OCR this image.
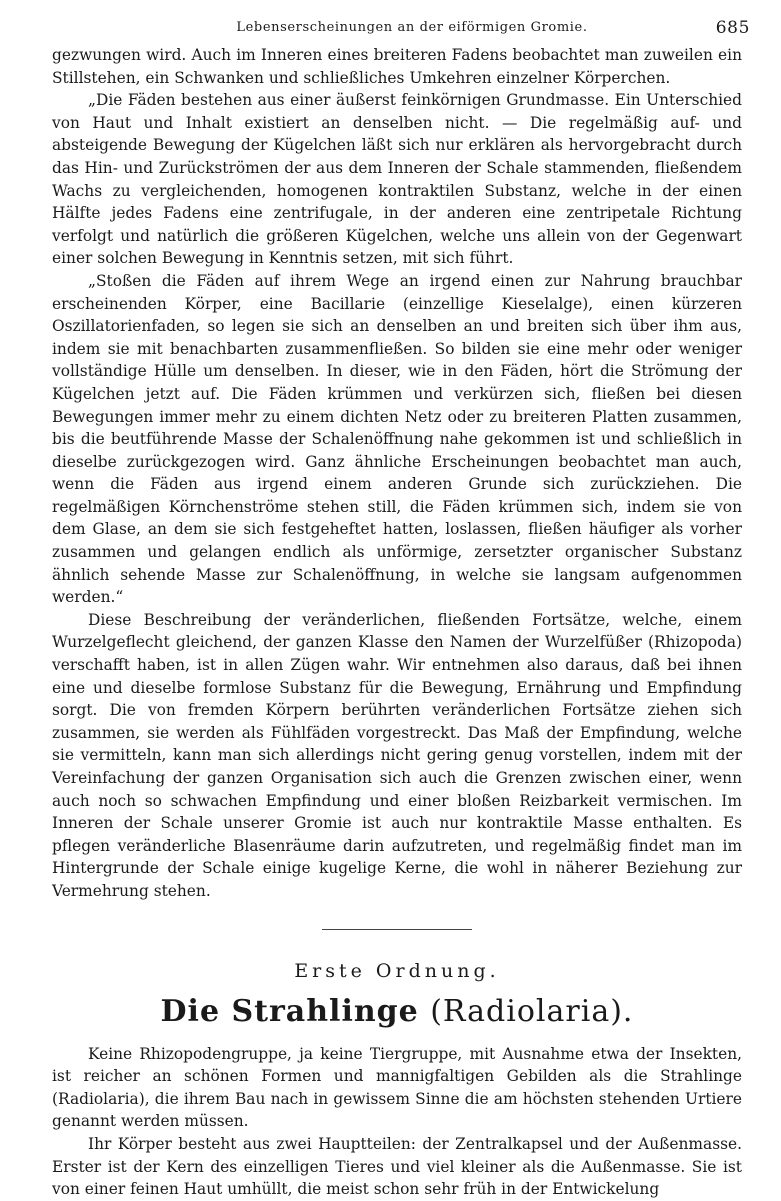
Lebenserscheinungen an der eiförmigen Gromie.	685

gezwungen wird. Auch im Inneren eines breiteren Fadens beobachtet man zuweilen ein Stillstehen, ein Schwanken und schließliches Umkehren einzelner Körperchen.

„Die Fäden bestehen aus einer äußerst feinkörnigen Grundmasse. Ein Unterschied von Haut und Inhalt existiert an denselben nicht. — Die regelmäßig auf- und absteigende Bewegung der Kügelchen läßt sich nur erklären als hervorgebracht durch das Hin- und Zurückströmen der aus dem Inneren der Schale stammenden, fließendem Wachs zu vergleichenden, homogenen kontraktilen Substanz, welche in der einen Hälfte jedes Fadens eine zentrifugale, in der anderen eine zentripetale Richtung verfolgt und natürlich die größeren Kügelchen, welche uns allein von der Gegenwart einer solchen Bewegung in Kenntnis setzen, mit sich führt.

„Stoßen die Fäden auf ihrem Wege an irgend einen zur Nahrung brauchbar erscheinenden Körper, eine Bacillarie (einzellige Kieselalge), einen kürzeren Oszillatorienfaden, so legen sie sich an denselben an und breiten sich über ihm aus, indem sie mit benachbarten zusammenfließen. So bilden sie eine mehr oder weniger vollständige Hülle um denselben. In dieser, wie in den Fäden, hört die Strömung der Kügelchen jetzt auf. Die Fäden krümmen und verkürzen sich, fließen bei diesen Bewegungen immer mehr zu einem dichten Netz oder zu breiteren Platten zusammen, bis die beutführende Masse der Schalenöffnung nahe gekommen ist und schließlich in dieselbe zurückgezogen wird. Ganz ähnliche Erscheinungen beobachtet man auch, wenn die Fäden aus irgend einem anderen Grunde sich zurückziehen. Die regelmäßigen Körnchenströme stehen still, die Fäden krümmen sich, indem sie von dem Glase, an dem sie sich festgeheftet hatten, loslassen, fließen häufiger als vorher zusammen und gelangen endlich als unförmige, zersetzter organischer Substanz ähnlich sehende Masse zur Schalenöffnung, in welche sie langsam aufgenommen werden.“

Diese Beschreibung der veränderlichen, fließenden Fortsätze, welche, einem Wurzelgeflecht gleichend, der ganzen Klasse den Namen der Wurzelfüßer (Rhizopoda) verschafft haben, ist in allen Zügen wahr. Wir entnehmen also daraus, daß bei ihnen eine und dieselbe formlose Substanz für die Bewegung, Ernährung und Empfindung sorgt. Die von fremden Körpern berührten veränderlichen Fortsätze ziehen sich zusammen, sie werden als Fühlfäden vorgestreckt. Das Maß der Empfindung, welche sie vermitteln, kann man sich allerdings nicht gering genug vorstellen, indem mit der Vereinfachung der ganzen Organisation sich auch die Grenzen zwischen einer, wenn auch noch so schwachen Empfindung und einer bloßen Reizbarkeit vermischen. Im Inneren der Schale unserer Gromie ist auch nur kontraktile Masse enthalten. Es pflegen veränderliche Blasenräume darin aufzutreten, und regelmäßig findet man im Hintergrunde der Schale einige kugelige Kerne, die wohl in näherer Beziehung zur Vermehrung stehen.

Erste Ordnung.
Die Strahlinge (Radiolaria).

Keine Rhizopodengruppe, ja keine Tiergruppe, mit Ausnahme etwa der Insekten, ist reicher an schönen Formen und mannigfaltigen Gebilden als die Strahlinge (Radiolaria), die ihrem Bau nach in gewissem Sinne die am höchsten stehenden Urtiere genannt werden müssen.

Ihr Körper besteht aus zwei Hauptteilen: der Zentralkapsel und der Außenmasse. Erster ist der Kern des einzelligen Tieres und viel kleiner als die Außenmasse. Sie ist von einer feinen Haut umhüllt, die meist schon sehr früh in der Entwickelung
